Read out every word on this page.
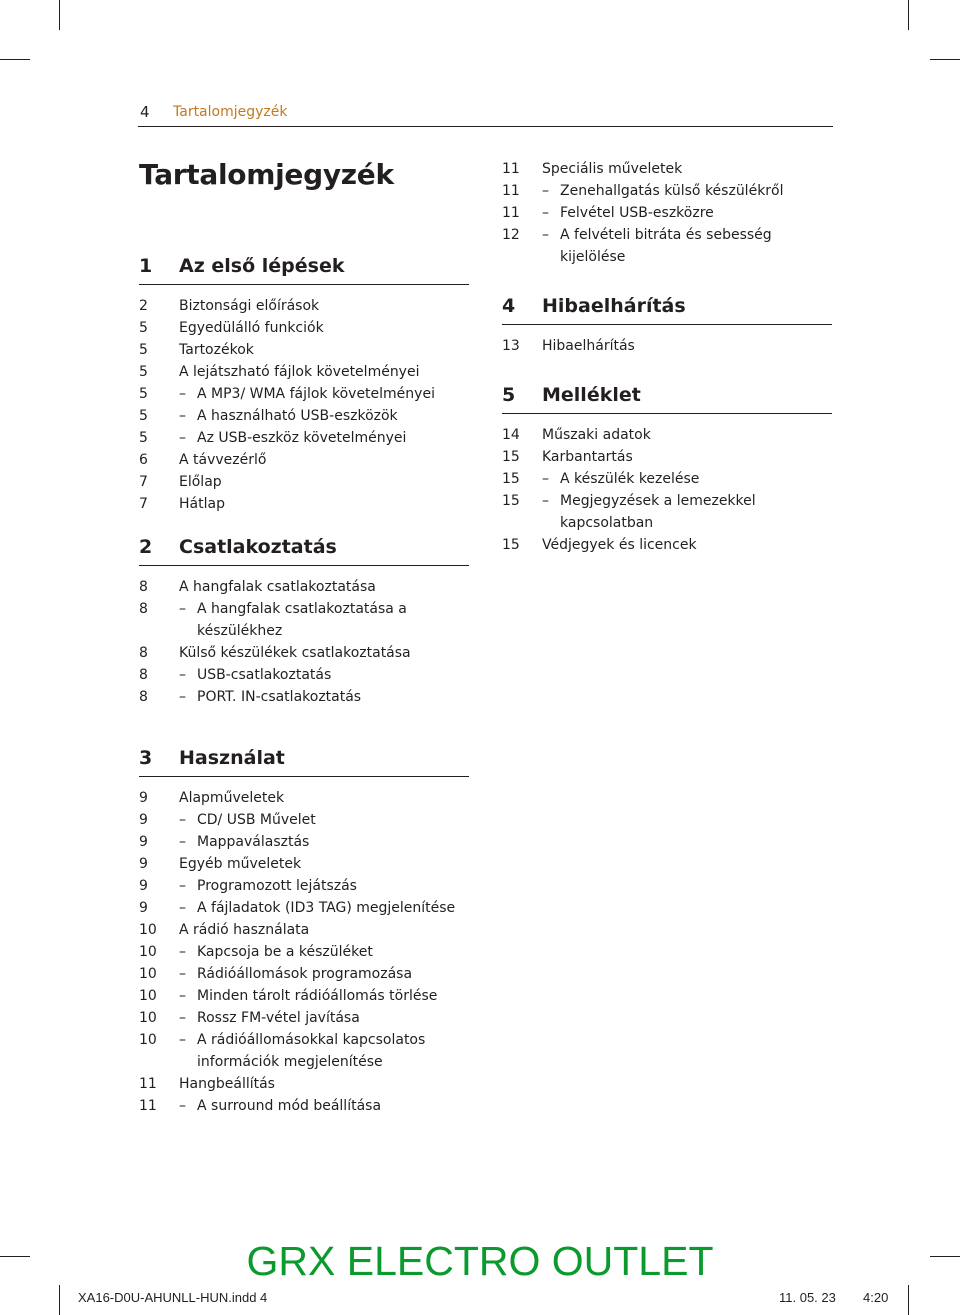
4 Tartalomjegyzék
Tartalomjegyzék
1 Az első lépések
2 Biztonsági előírások
5 Egyedülálló funkciók
5 Tartozékok
5 A lejátszható fájlok követelményei
5	– A MP3/ WMA fájlok követelményei
5	– A használható USB-eszközök
5	– Az USB-eszköz követelményei
6 A távvezérlő
7 Előlap
7 Hátlap
2 Csatlakoztatás
8 A hangfalak csatlakoztatása
8	– A hangfalak csatlakoztatása a készülékhez
8 Külső készülékek csatlakoztatása
8	– USB-csatlakoztatás
8	– PORT. IN-csatlakoztatás
3 Használat
9 Alapműveletek
9	– CD/ USB Művelet
9	– Mappaválasztás
9 Egyéb műveletek
9	– Programozott lejátszás
9	– A fájladatok (ID3 TAG) megjelenítése
10 A rádió használata
10	– Kapcsoja be a készüléket
10	– Rádióállomások programozása
10	– Minden tárolt rádióállomás törlése
10	– Rossz FM-vétel javítása
10	– A rádióállomásokkal kapcsolatos információk megjelenítése
11 Hangbeállítás
11	– A surround mód beállítása
11 Speciális műveletek
11	– Zenehallgatás külső készülékről
11	– Felvétel USB-eszközre
12	– A felvételi bitráta és sebesség kijelölése
4 Hibaelhárítás
13 Hibaelhárítás
5 Melléklet
14 Műszaki adatok
15 Karbantartás
15	– A készülék kezelése
15	– Megjegyzések a lemezekkel kapcsolatban
15 Védjegyek és licencek
GRX ELECTRO OUTLET
XA16-D0U-AHUNLL-HUN.indd 4	11. 05. 23 4:20
